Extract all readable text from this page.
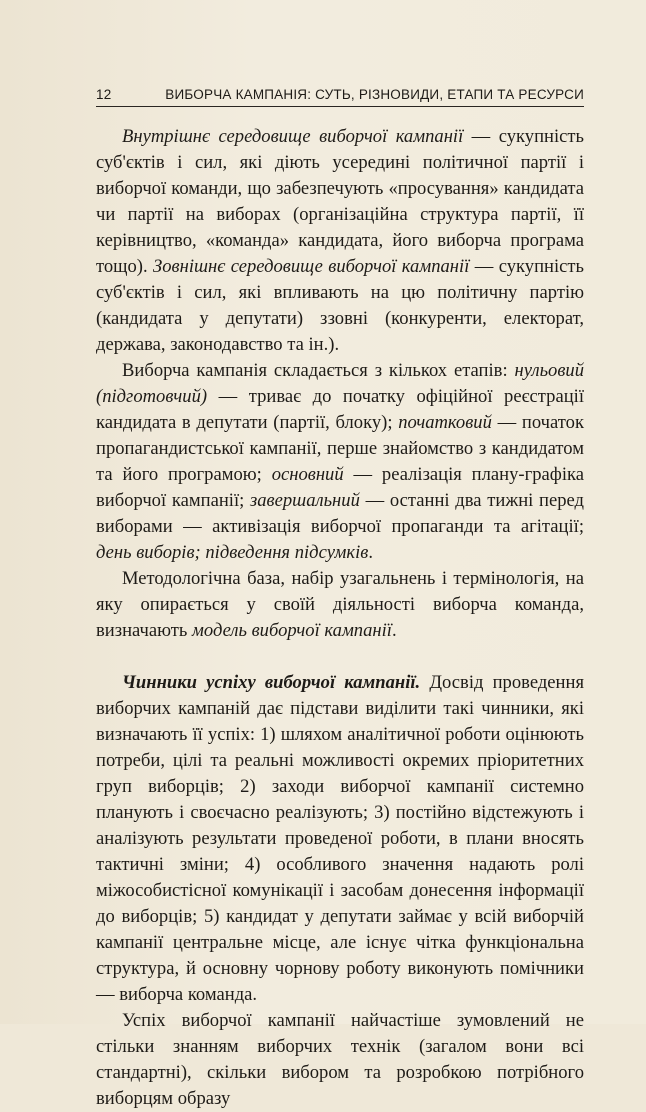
12	ВИБОРЧА КАМПАНІЯ: СУТЬ, РІЗНОВИДИ, ЕТАПИ ТА РЕСУРСИ

Внутрішнє середовище виборчої кампанії — сукупність суб'єктів і сил, які діють усередині політичної партії і виборчої команди, що забезпечують «просування» кандидата чи партії на виборах (організаційна структура партії, її керівництво, «команда» кандидата, його виборча програма тощо). Зовнішнє середовище виборчої кампанії — сукупність суб'єктів і сил, які впливають на цю політичну партію (кандидата у депутати) ззовні (конкуренти, електорат, держава, законодавство та ін.).

Виборча кампанія складається з кількох етапів: нульовий (підготовчий) — триває до початку офіційної реєстрації кандидата в депутати (партії, блоку); початковий — початок пропагандистської кампанії, перше знайомство з кандидатом та його програмою; основний — реалізація плану-графіка виборчої кампанії; завершальний — останні два тижні перед виборами — активізація виборчої пропаганди та агітації; день виборів; підведення підсумків.

Методологічна база, набір узагальнень і термінологія, на яку опирається у своїй діяльності виборча команда, визначають модель виборчої кампанії.

Чинники успіху виборчої кампанії. Досвід проведення виборчих кампаній дає підстави виділити такі чинники, які визначають її успіх: 1) шляхом аналітичної роботи оцінюють потреби, цілі та реальні можливості окремих пріоритетних груп виборців; 2) заходи виборчої кампанії системно планують і своєчасно реалізують; 3) постійно відстежують і аналізують результати проведеної роботи, в плани вносять тактичні зміни; 4) особливого значення надають ролі міжособистісної комунікації і засобам донесення інформації до виборців; 5) кандидат у депутати займає у всій виборчій кампанії центральне місце, але існує чітка функціональна структура, й основну чорнову роботу виконують помічники — виборча команда.

Успіх виборчої кампанії найчастіше зумовлений не стільки знанням виборчих технік (загалом вони всі стандартні), скільки вибором та розробкою потрібного виборцям образу
